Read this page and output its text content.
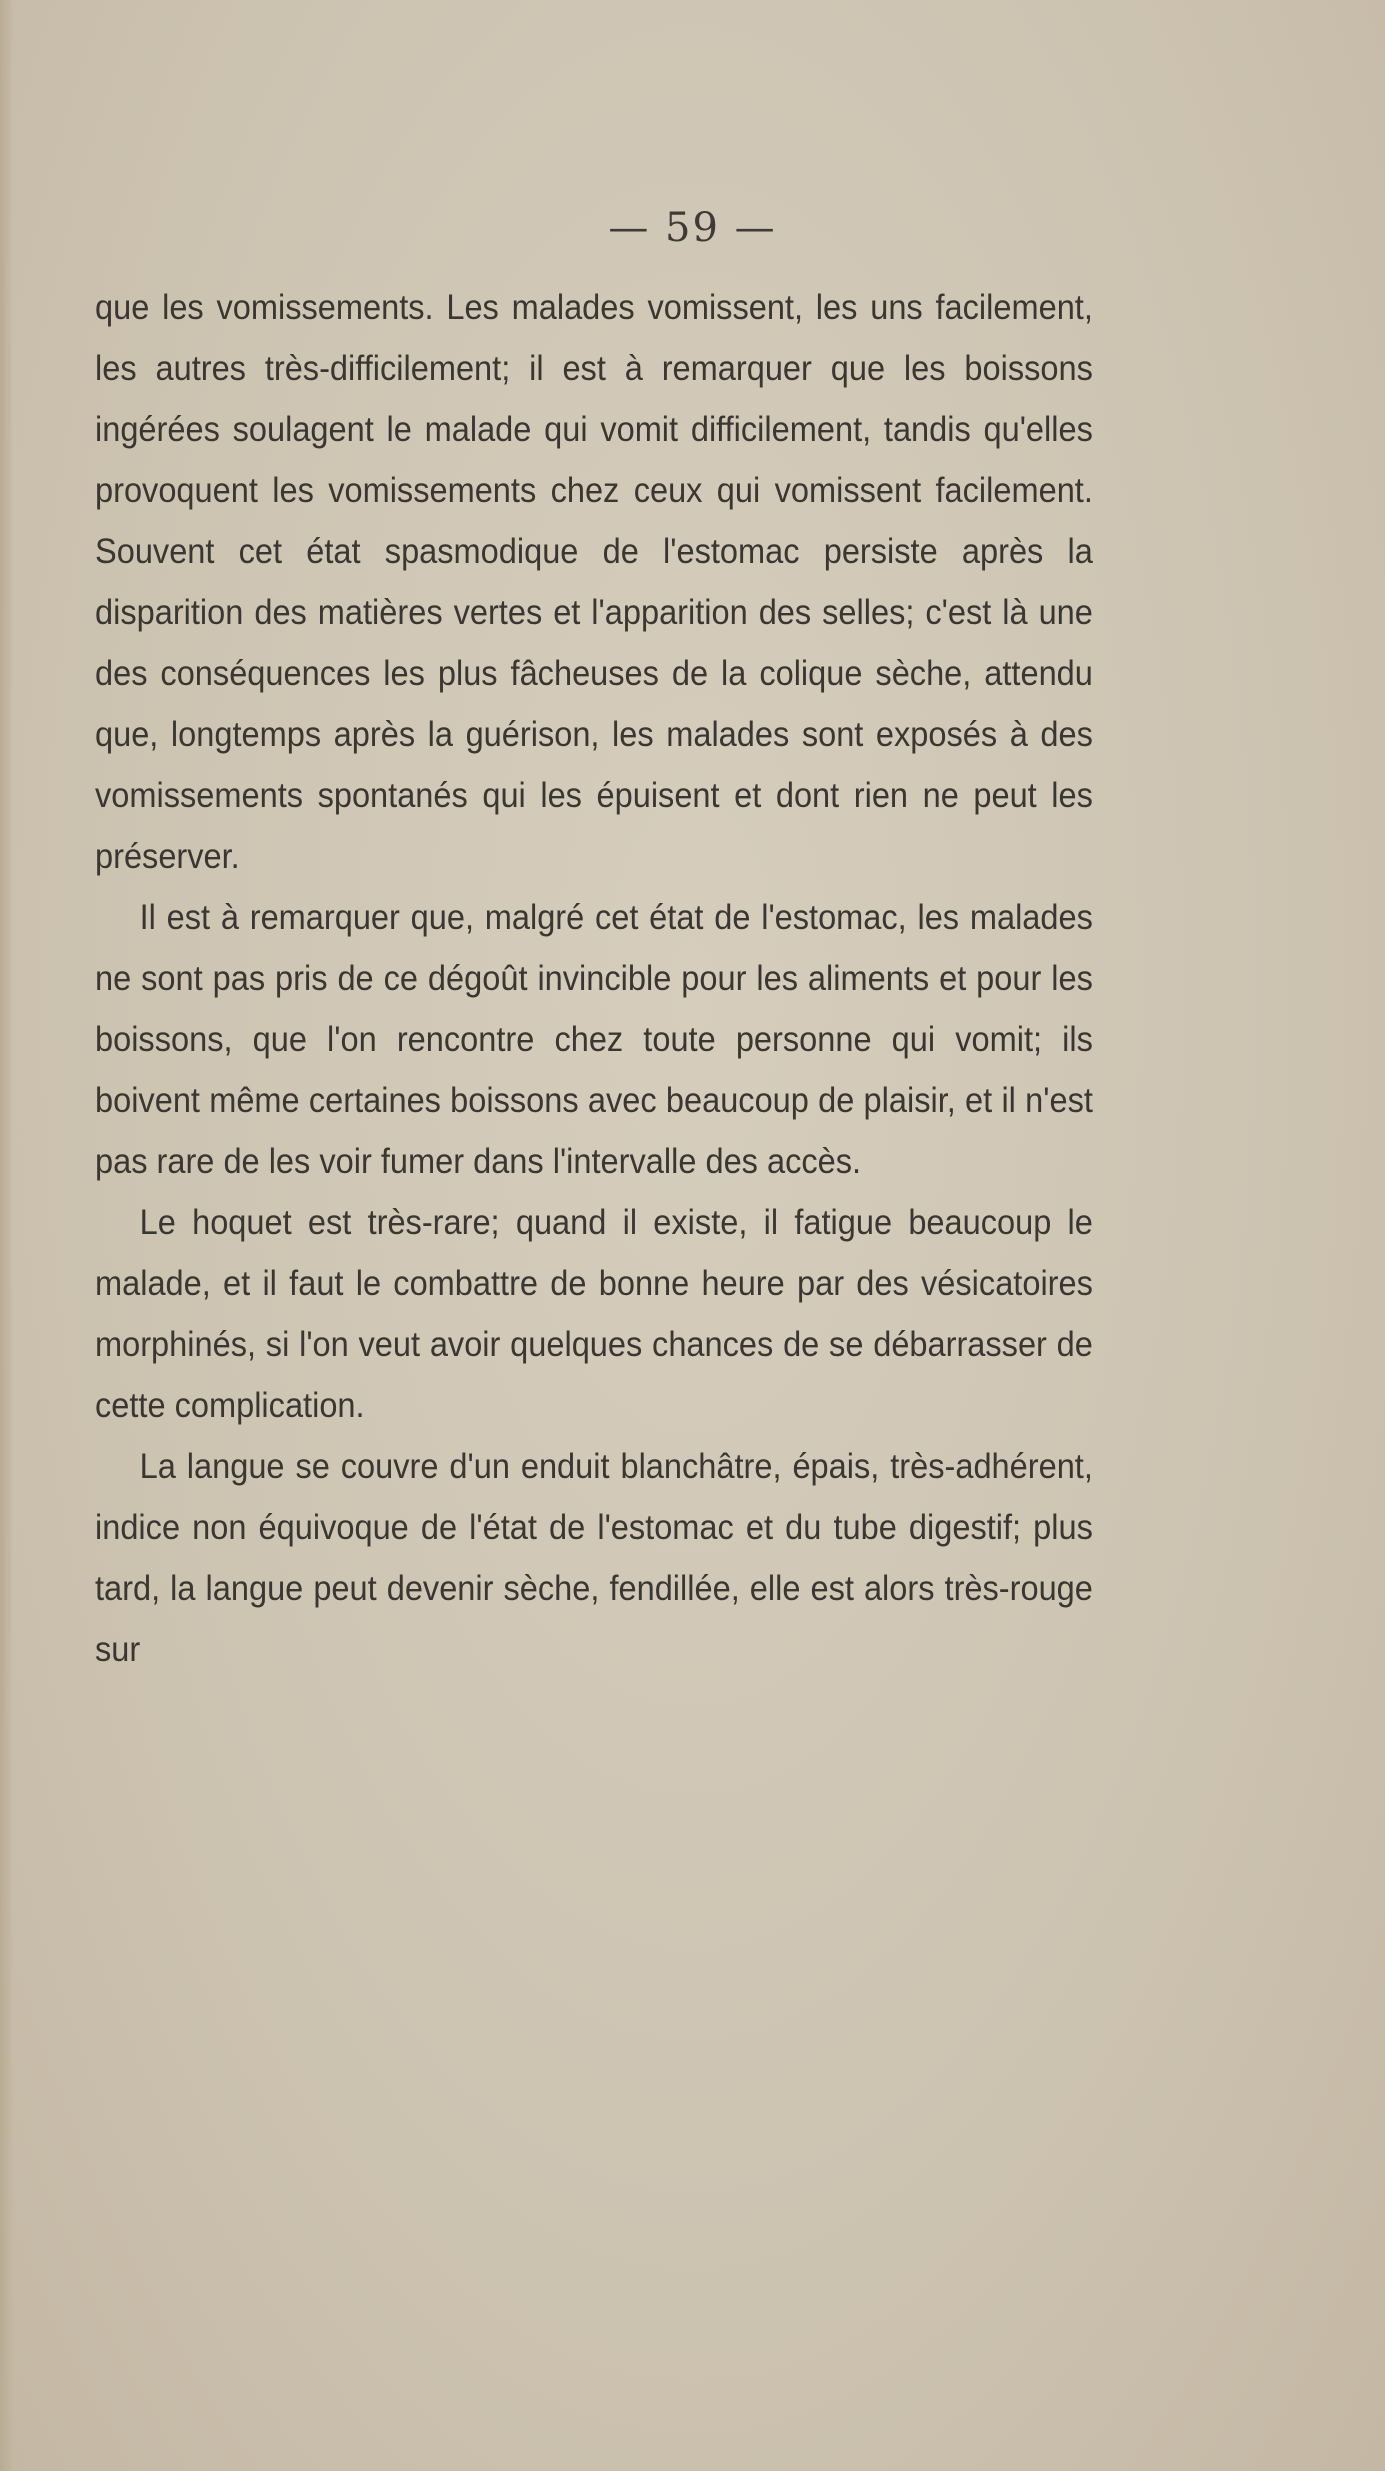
— 59 —

que les vomissements. Les malades vomissent, les uns facilement, les autres très-difficilement; il est à remarquer que les boissons ingérées soulagent le malade qui vomit difficilement, tandis qu'elles provoquent les vomissements chez ceux qui vomissent facilement. Souvent cet état spasmodique de l'estomac persiste après la disparition des matières vertes et l'apparition des selles; c'est là une des conséquences les plus fâcheuses de la colique sèche, attendu que, longtemps après la guérison, les malades sont exposés à des vomissements spontanés qui les épuisent et dont rien ne peut les préserver.

Il est à remarquer que, malgré cet état de l'estomac, les malades ne sont pas pris de ce dégoût invincible pour les aliments et pour les boissons, que l'on rencontre chez toute personne qui vomit; ils boivent même certaines boissons avec beaucoup de plaisir, et il n'est pas rare de les voir fumer dans l'intervalle des accès.

Le hoquet est très-rare; quand il existe, il fatigue beaucoup le malade, et il faut le combattre de bonne heure par des vésicatoires morphinés, si l'on veut avoir quelques chances de se débarrasser de cette complication.

La langue se couvre d'un enduit blanchâtre, épais, très-adhérent, indice non équivoque de l'état de l'estomac et du tube digestif; plus tard, la langue peut devenir sèche, fendillée, elle est alors très-rouge sur
